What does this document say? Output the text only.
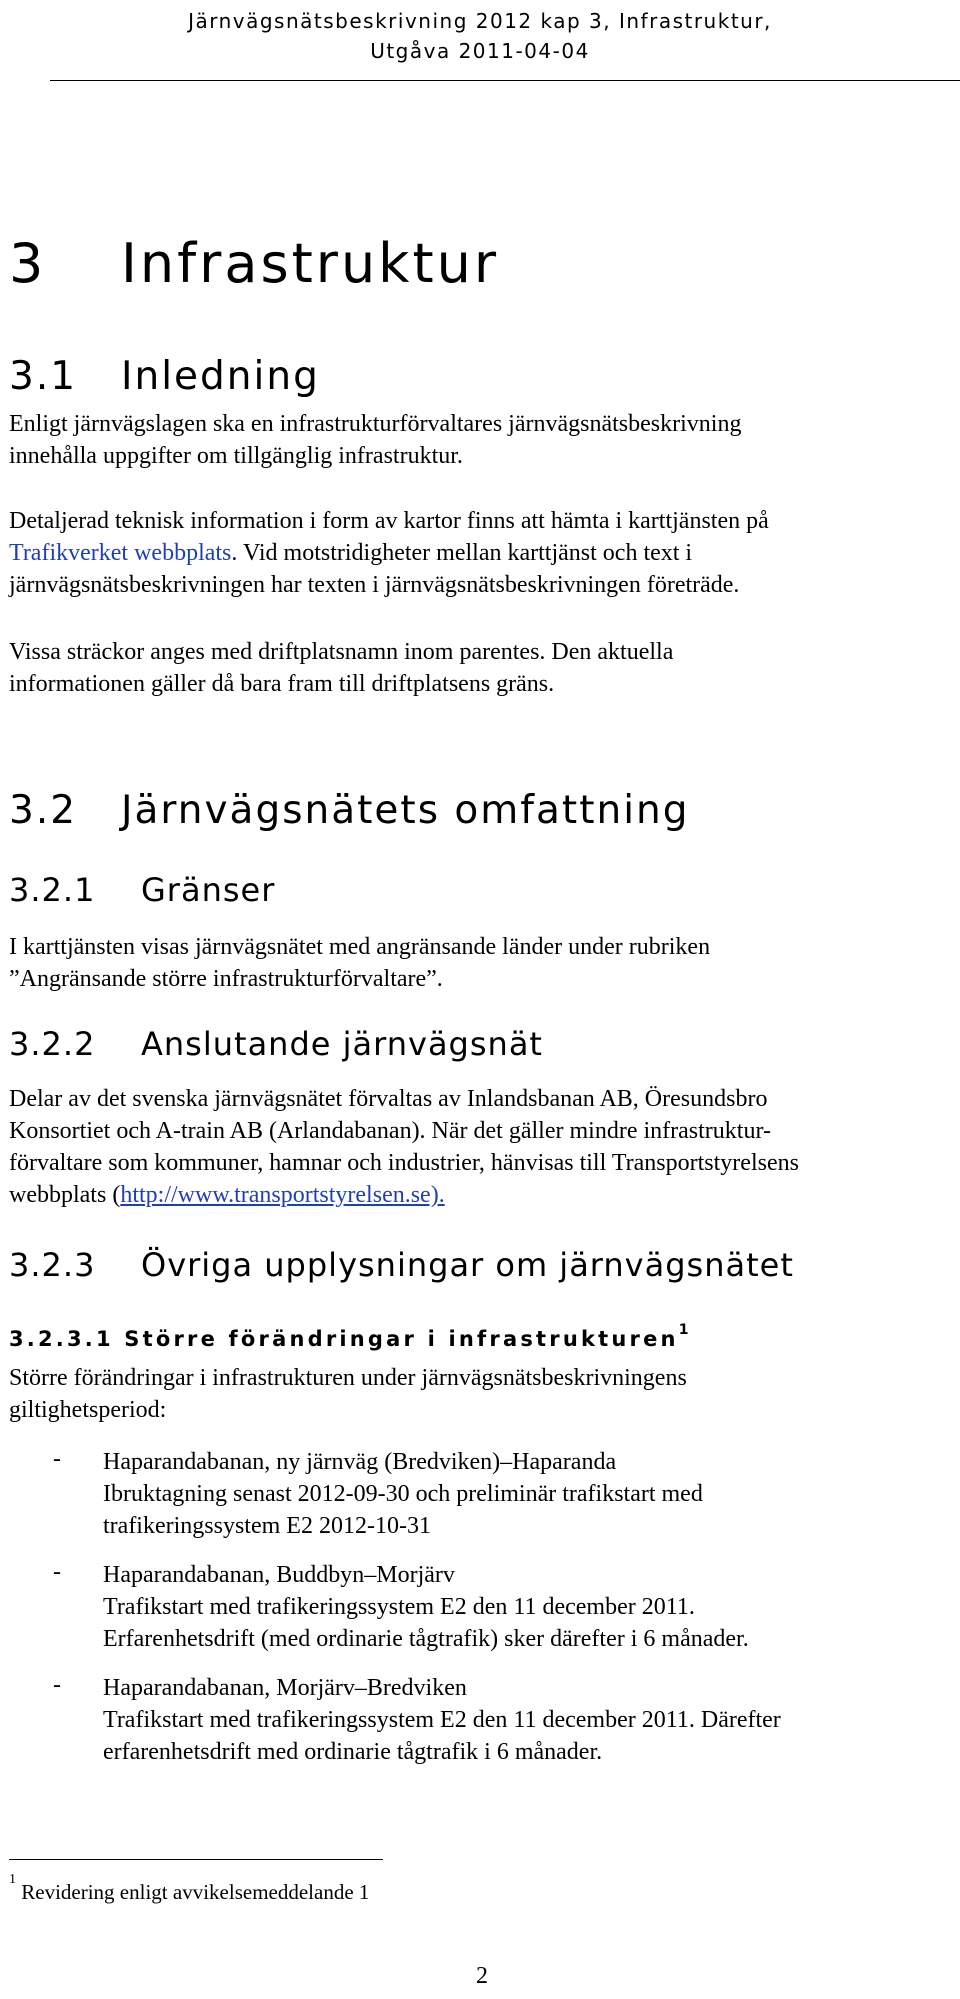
Järnvägsnätsbeskrivning 2012 kap 3, Infrastruktur,
Utgåva 2011-04-04
3 Infrastruktur
3.1 Inledning
Enligt järnvägslagen ska en infrastrukturförvaltares järnvägsnätsbeskrivning
innehålla uppgifter om tillgänglig infrastruktur.
Detaljerad teknisk information i form av kartor finns att hämta i karttjänsten på
Trafikverket webbplats. Vid motstridigheter mellan karttjänst och text i
järnvägsnätsbeskrivningen har texten i järnvägsnätsbeskrivningen företräde.
Vissa sträckor anges med driftplatsnamn inom parentes. Den aktuella
informationen gäller då bara fram till driftplatsens gräns.
3.2 Järnvägsnätets omfattning
3.2.1 Gränser
I karttjänsten visas järnvägsnätet med angränsande länder under rubriken
”Angränsande större infrastrukturförvaltare”.
3.2.2 Anslutande järnvägsnät
Delar av det svenska järnvägsnätet förvaltas av Inlandsbanan AB, Öresundsbro
Konsortiet och A-train AB (Arlandabanan). När det gäller mindre infrastruktur-
förvaltare som kommuner, hamnar och industrier, hänvisas till Transportstyrelsens
webbplats (http://www.transportstyrelsen.se).
3.2.3 Övriga upplysningar om järnvägsnätet
3.2.3.1 Större förändringar i infrastrukturen$^1$
Större förändringar i infrastrukturen under järnvägsnätsbeskrivningens
giltighetsperiod:
- Haparandabanan, ny järnväg (Bredviken)–Haparanda
Ibruktagning senast 2012-09-30 och preliminär trafikstart med
trafikeringssystem E2 2012-10-31
- Haparandabanan, Buddbyn–Morjärv
Trafikstart med trafikeringssystem E2 den 11 december 2011.
Erfarenhetsdrift (med ordinarie tågtrafik) sker därefter i 6 månader.
- Haparandabanan, Morjärv–Bredviken
Trafikstart med trafikeringssystem E2 den 11 december 2011. Därefter
erfarenhetsdrift med ordinarie tågtrafik i 6 månader.
$^1$ Revidering enligt avvikelsemeddelande 1
2
